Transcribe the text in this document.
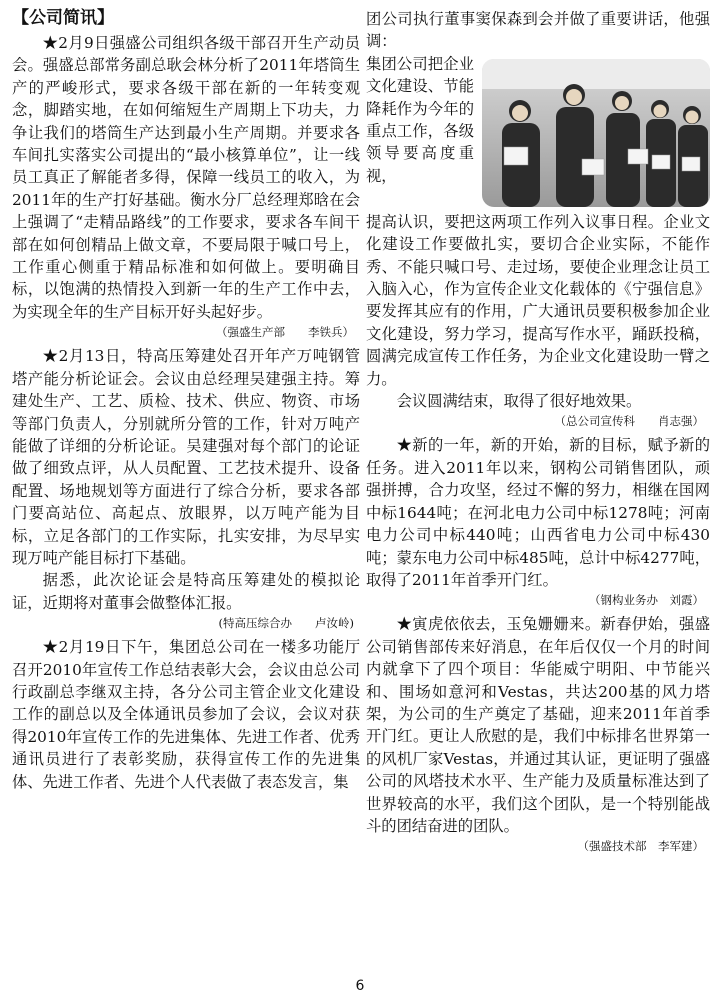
【公司简讯】

★2月9日强盛公司组织各级干部召开生产动员会。强盛总部常务副总耿会林分析了2011年塔筒生产的严峻形式，要求各级干部在新的一年转变观念，脚踏实地，在如何缩短生产周期上下功夫，力争让我们的塔筒生产达到最小生产周期。并要求各车间扎实落实公司提出的“最小核算单位”，让一线员工真正了解能者多得，保障一线员工的收入，为2011年的生产打好基础。衡水分厂总经理郑晗在会上强调了“走精品路线”的工作要求，要求各车间干部在如何创精品上做文章，不要局限于喊口号上，工作重心侧重于精品标准和如何做上。要明确目标，以饱满的热情投入到新一年的生产工作中去，为实现全年的生产目标开好头起好步。

（强盛生产部　　李铁兵）

★2月13日，特高压筹建处召开年产万吨钢管塔产能分析论证会。会议由总经理吴建强主持。筹建处生产、工艺、质检、技术、供应、物资、市场等部门负责人，分别就所分管的工作，针对万吨产能做了详细的分析论证。吴建强对每个部门的论证做了细致点评，从人员配置、工艺技术提升、设备配置、场地规划等方面进行了综合分析，要求各部门要高站位、高起点、放眼界，以万吨产能为目标，立足各部门的工作实际，扎实安排，为尽早实现万吨产能目标打下基础。

据悉，此次论证会是特高压筹建处的模拟论证，近期将对董事会做整体汇报。

(特高压综合办　　卢汝岭)

★2月19日下午，集团总公司在一楼多功能厅召开2010年宣传工作总结表彰大会，会议由总公司行政副总李继双主持，各分公司主管企业文化建设工作的副总以及全体通讯员参加了会议，会议对获得2010年宣传工作的先进集体、先进工作者、优秀通讯员进行了表彰奖励，获得宣传工作的先进集体、先进工作者、先进个人代表做了表态发言，集

团公司执行董事窦保森到会并做了重要讲话，他强调：

集团公司把企业文化建设、节能降耗作为今年的重点工作，各级领导要高度重视，

提高认识，要把这两项工作列入议事日程。企业文化建设工作要做扎实，要切合企业实际，不能作秀、不能只喊口号、走过场，要使企业理念让员工入脑入心，作为宣传企业文化载体的《宁强信息》要发挥其应有的作用，广大通讯员要积极参加企业文化建设，努力学习，提高写作水平，踊跃投稿，圆满完成宣传工作任务，为企业文化建设助一臂之力。

会议圆满结束，取得了很好地效果。

（总公司宣传科　　肖志强）

★新的一年，新的开始，新的目标，赋予新的任务。进入2011年以来，钢构公司销售团队，顽强拼搏，合力攻坚，经过不懈的努力，相继在国网中标1644吨；在河北电力公司中标1278吨；河南电力公司中标440吨；山西省电力公司中标430吨；蒙东电力公司中标485吨，总计中标4277吨，取得了2011年首季开门红。

（钢构业务办　刘霞）

★寅虎依依去，玉兔姗姗来。新春伊始，强盛公司销售部传来好消息，在年后仅仅一个月的时间内就拿下了四个项目：华能威宁明阳、中节能兴和、围场如意河和Vestas，共达200基的风力塔架，为公司的生产奠定了基础，迎来2011年首季开门红。更让人欣慰的是，我们中标排名世界第一的风机厂家Vestas，并通过其认证，更证明了强盛公司的风塔技术水平、生产能力及质量标准达到了世界较高的水平，我们这个团队，是一个特别能战斗的团结奋进的团队。

（强盛技术部　李军建）

6
